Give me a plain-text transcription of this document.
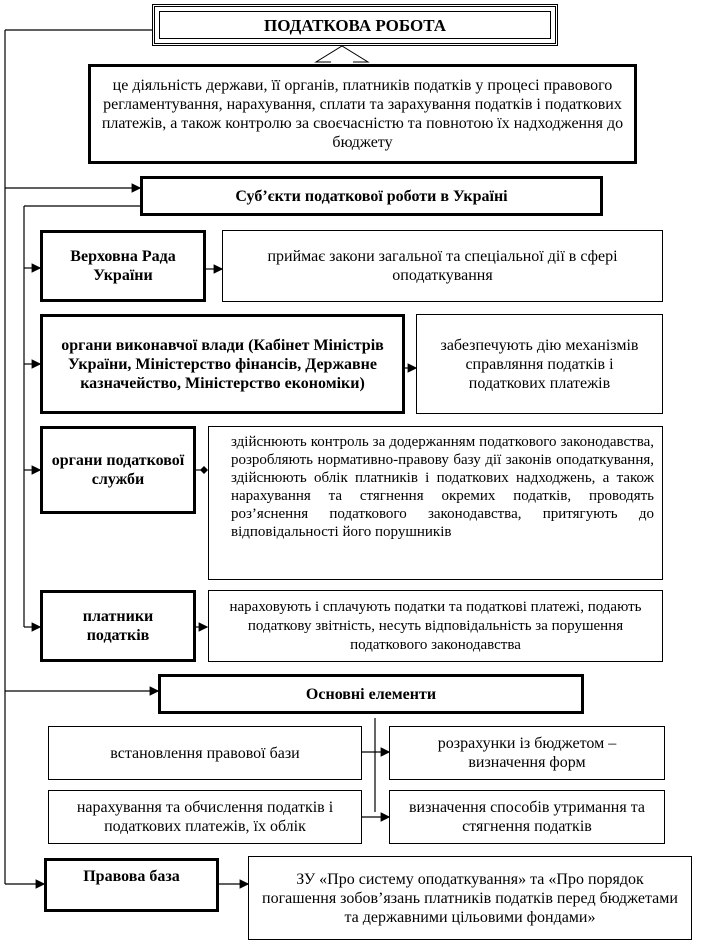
ПОДАТКОВА РОБОТА
це діяльність держави, її органів, платників податків у процесі правового регламентування, нарахування, сплати та зарахування податків і податкових платежів, а також контролю за своєчасністю та повнотою їх надходження до бюджету
Суб’єкти податкової роботи в Україні
Верховна Рада України
приймає закони загальної та спеціальної дії в сфері оподаткування
органи виконавчої влади (Кабінет Міністрів України, Міністерство фінансів, Державне казначейство, Міністерство економіки)
забезпечують дію механізмів справляння податків і податкових платежів
органи податкової служби
здійснюють контроль за додержанням податкового законодавства, розробляють нормативно-правову базу дії законів оподаткування, здійснюють облік платників і податкових надходжень, а також нарахування та стягнення окремих податків, проводять роз’яснення податкового законодавства, притягують до відповідальності його порушників
платники податків
нараховують і сплачують податки та податкові платежі, подають податкову звітність, несуть відповідальність за порушення податкового законодавства
Основні елементи
встановлення правової бази
розрахунки із бюджетом – визначення форм
нарахування та обчислення податків і податкових платежів, їх облік
визначення способів утримання та стягнення податків
Правова база	ЗУ «Про систему оподаткування» та «Про порядок погашення зобов’язань платників податків перед бюджетами та державними цільовими фондами»
